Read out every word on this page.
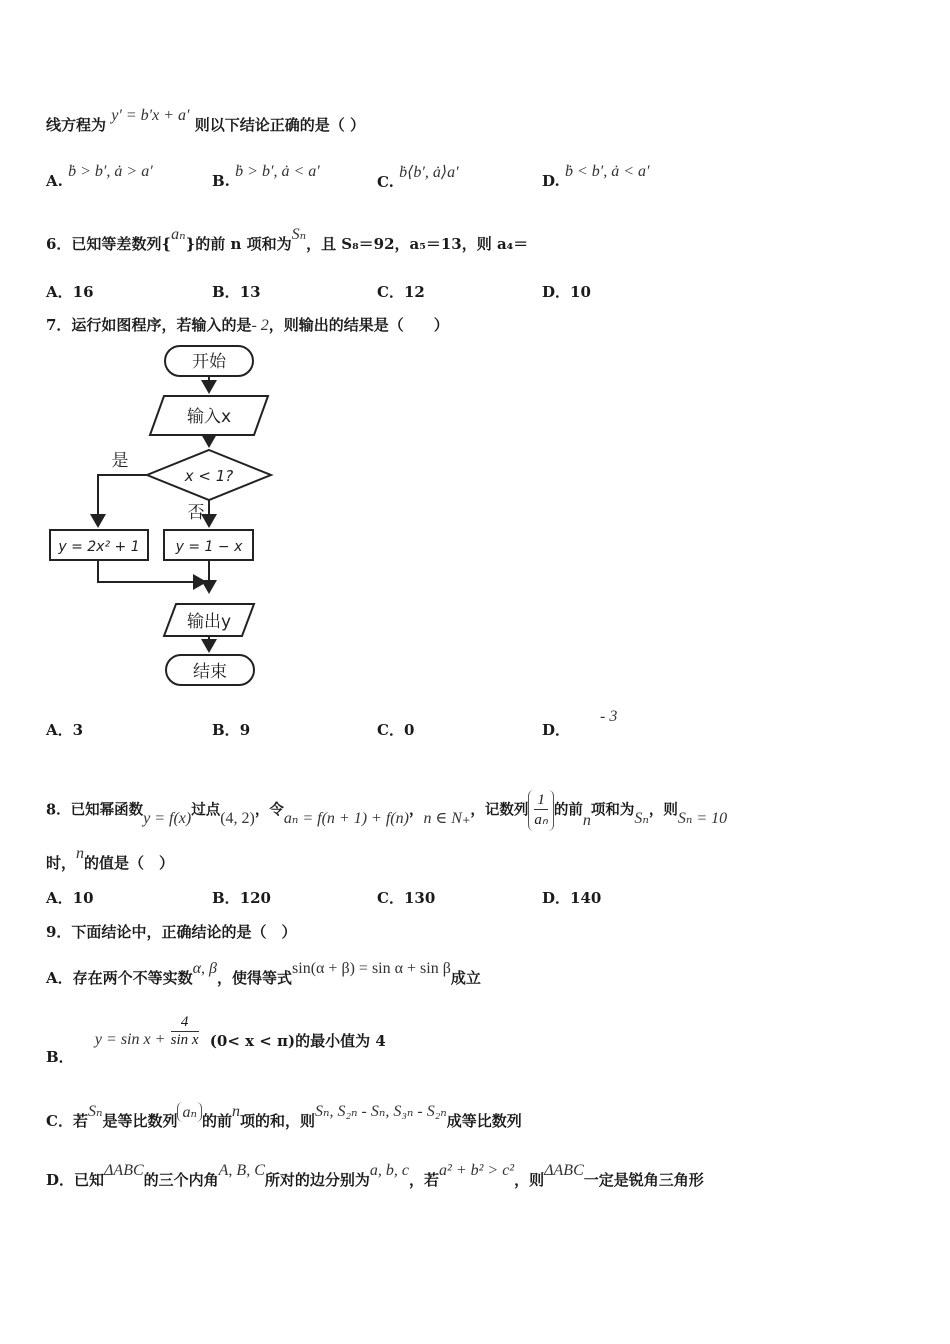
线方程为 y′ = b′x + a′ 则以下结论正确的是（ ）
A. ḃ > b′, ȧ > a′
B. ḃ > b′, ȧ < a′
C. ḃ⟨b′, ȧ⟩a′	D. ḃ < b′, ȧ < a′
6．已知等差数列{aₙ}的前 n 项和为Sₙ，且 S₈＝92，a₅＝13，则 a₄＝
A．16	B．13	C．12	D．10
7．运行如图程序，若输入的是- 2，则输出的结果是（　　）
开始
输入x
x < 1?
是
否
y = 2x² + 1	y = 1 − x
输出y
结束
A．3	B．9	C．0	D．- 3
8．已知幂函数y = f(x)过点(4, 2)，令aₙ = f(n + 1) + f(n)，n ∈ N₊，记数列 $\frac{1}{\text{aₙ}}$ 的前n项和为Sₙ，则Sₙ = 10
时，n的值是（　）
A．10	B．120	C．130	D．140
9．下面结论中，正确结论的是（　）
A．存在两个不等实数α, β，使得等式sin(α + β) = sin α + sin β成立
B． $y = \sin x + \frac{4}{\text{sin x}} (0< x < \pi)$的最小值为 4
C．若Sₙ是等比数列 aₙ 的前n项的和，则Sₙ, S₂ₙ - Sₙ, S₃ₙ - S₂ₙ成等比数列
D．已知ΔABC的三个内角A, B, C所对的边分别为a, b, c，若a² + b² > c²，则ΔABC一定是锐角三角形
